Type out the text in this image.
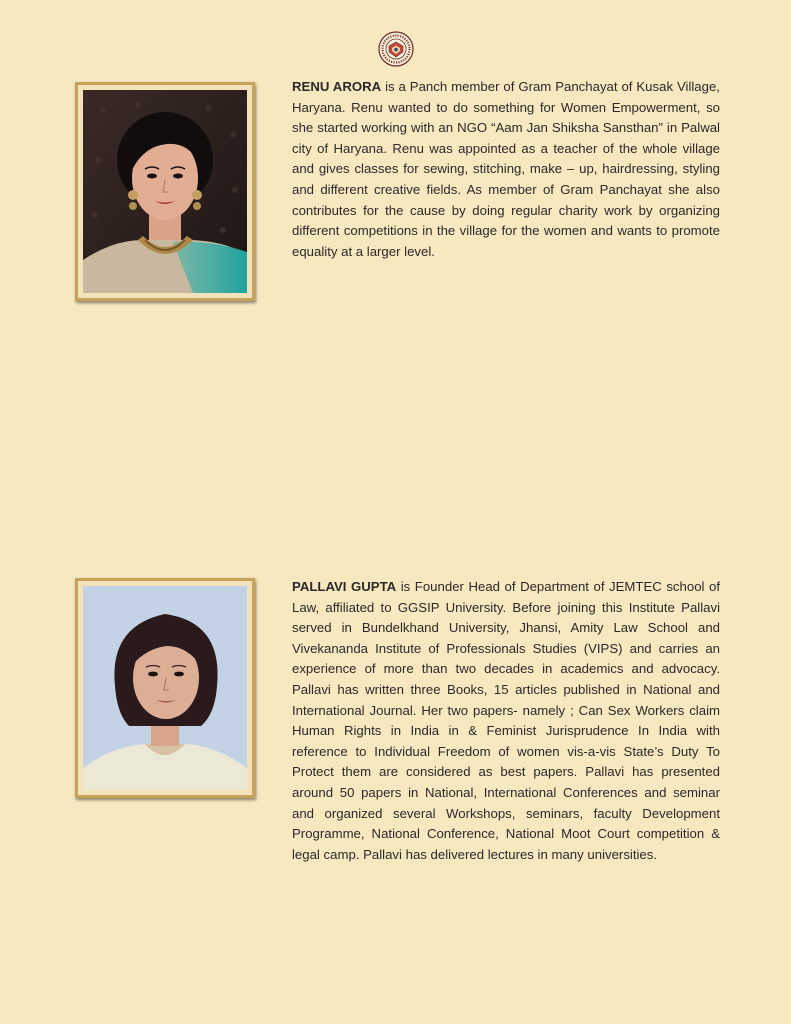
RENU ARORA is a Panch member of Gram Panchayat of Kusak Village, Haryana. Renu wanted to do something for Women Empowerment, so she started working with an NGO “Aam Jan Shiksha Sansthan” in Palwal city of Haryana. Renu was appointed as a teacher of the whole village and gives classes for sewing, stitching, make – up, hairdressing, styling and different creative fields. As member of Gram Panchayat she also contributes for the cause by doing regular charity work by organizing different competitions in the village for the women and wants to promote equality at a larger level.

PALLAVI GUPTA is Founder Head of Department of JEMTEC school of Law, affiliated to GGSIP University. Before joining this Institute Pallavi served in Bundelkhand University, Jhansi, Amity Law School and Vivekananda Institute of Professionals Studies (VIPS) and carries an experience of more than two decades in academics and advocacy. Pallavi has written three Books, 15 articles published in National and International Journal. Her two papers- namely ; Can Sex Workers claim Human Rights in India in & Feminist Jurisprudence In India with reference to Individual Freedom of women vis-a-vis State’s Duty To Protect them are considered as best papers. Pallavi has presented around 50 papers in National, International Conferences and seminar and organized several Workshops, seminars, faculty Development Programme, National Conference, National Moot Court competition & legal camp. Pallavi has delivered lectures in many universities.
